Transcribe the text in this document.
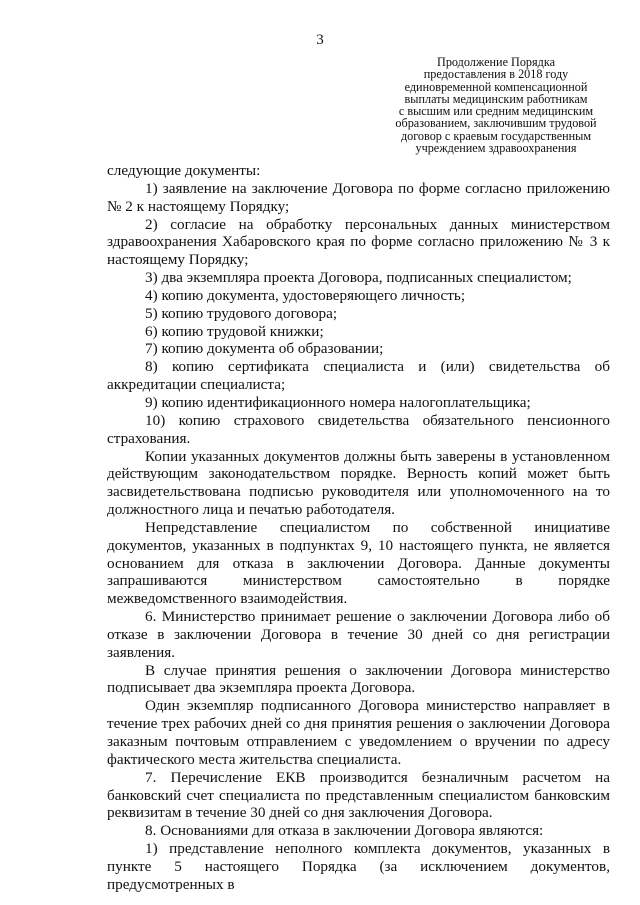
3
Продолжение Порядка
предоставления в 2018 году
единовременной компенсационной
выплаты медицинским работникам
с высшим или средним медицинским
образованием, заключившим трудовой
договор с краевым государственным
учреждением здравоохранения

следующие документы:

1) заявление на заключение Договора по форме согласно приложению № 2 к настоящему Порядку;

2) согласие на обработку персональных данных министерством здравоохранения Хабаровского края по форме согласно приложению № 3 к настоящему Порядку;

3) два экземпляра проекта Договора, подписанных специалистом;

4) копию документа, удостоверяющего личность;

5) копию трудового договора;

6) копию трудовой книжки;

7) копию документа об образовании;

8) копию сертификата специалиста и (или) свидетельства об аккредитации специалиста;

9) копию идентификационного номера налогоплательщика;

10) копию страхового свидетельства обязательного пенсионного страхования.

Копии указанных документов должны быть заверены в установленном действующим законодательством порядке. Верность копий может быть засвидетельствована подписью руководителя или уполномоченного на то должностного лица и печатью работодателя.

Непредставление специалистом по собственной инициативе документов, указанных в подпунктах 9, 10 настоящего пункта, не является основанием для отказа в заключении Договора. Данные документы запрашиваются министерством самостоятельно в порядке межведомственного взаимодействия.

6. Министерство принимает решение о заключении Договора либо об отказе в заключении Договора в течение 30 дней со дня регистрации заявления.

В случае принятия решения о заключении Договора министерство подписывает два экземпляра проекта Договора.

Один экземпляр подписанного Договора министерство направляет в течение трех рабочих дней со дня принятия решения о заключении Договора заказным почтовым отправлением с уведомлением о вручении по адресу фактического места жительства специалиста.

7. Перечисление ЕКВ производится безналичным расчетом на банковский счет специалиста по представленным специалистом банковским реквизитам в течение 30 дней со дня заключения Договора.

8. Основаниями для отказа в заключении Договора являются:

1) представление неполного комплекта документов, указанных в пункте 5 настоящего Порядка (за исключением документов, предусмотренных в
